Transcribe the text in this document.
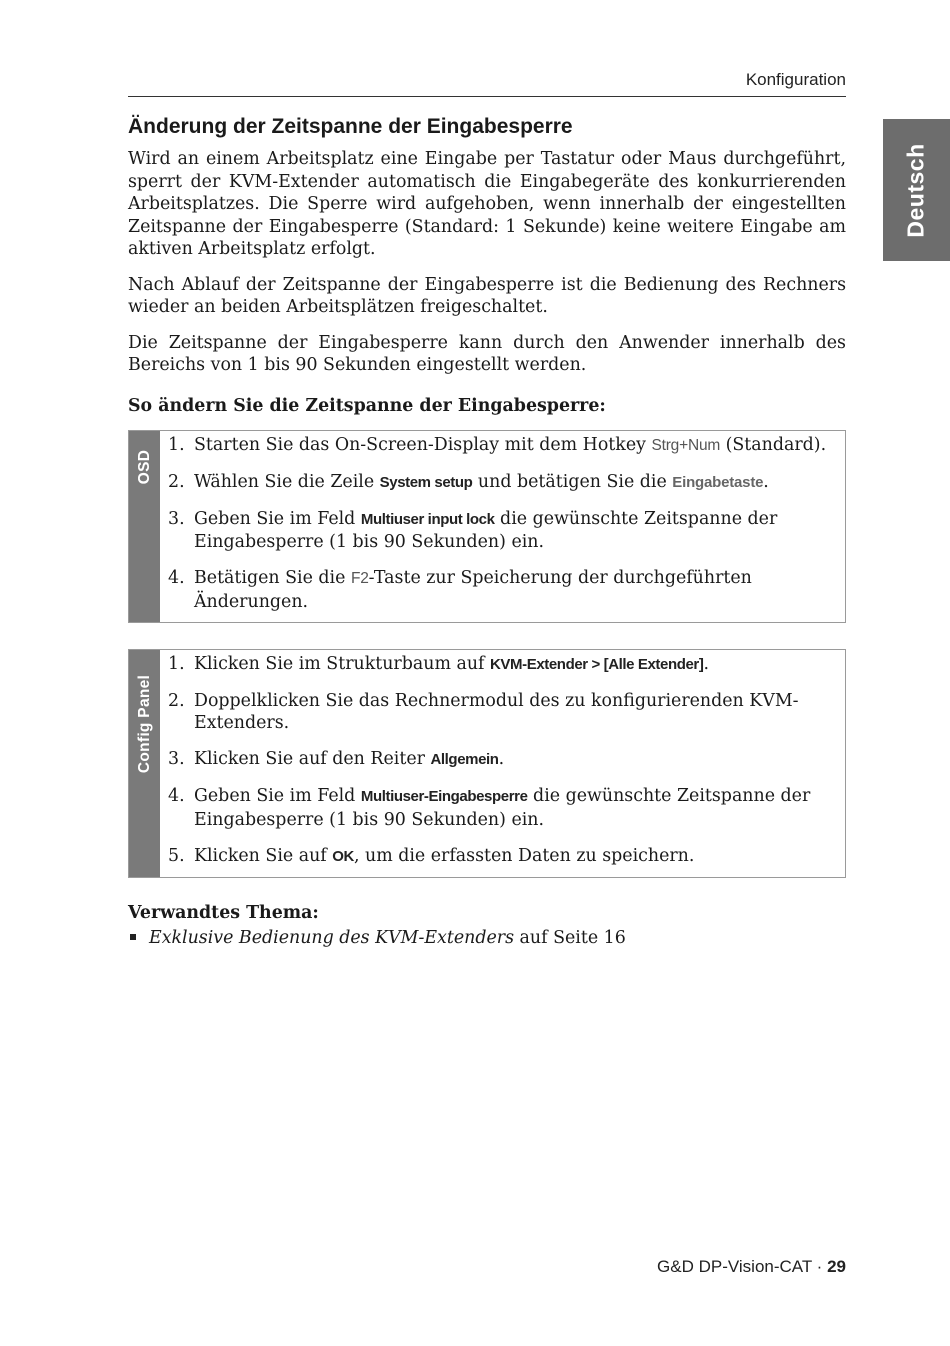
Konfiguration
Deutsch
Änderung der Zeitspanne der Eingabesperre

Wird an einem Arbeitsplatz eine Eingabe per Tastatur oder Maus durchgeführt, sperrt der KVM-Extender automatisch die Eingabegeräte des konkurrierenden Arbeitsplatzes. Die Sperre wird aufgehoben, wenn innerhalb der eingestellten Zeitspanne der Eingabesperre (Standard: 1 Sekunde) keine weitere Eingabe am aktiven Arbeitsplatz erfolgt.

Nach Ablauf der Zeitspanne der Eingabesperre ist die Bedienung des Rechners wieder an beiden Arbeitsplätzen freigeschaltet.

Die Zeitspanne der Eingabesperre kann durch den Anwender innerhalb des Bereichs von 1 bis 90 Sekunden eingestellt werden.

So ändern Sie die Zeitspanne der Eingabesperre:
OSD
1. Starten Sie das On-Screen-Display mit dem Hotkey Strg+Num (Standard).
2. Wählen Sie die Zeile System setup und betätigen Sie die Eingabetaste.
3. Geben Sie im Feld Multiuser input lock die gewünschte Zeitspanne der Eingabesperre (1 bis 90 Sekunden) ein.
4. Betätigen Sie die F2-Taste zur Speicherung der durchgeführten Änderungen.
Config Panel
1. Klicken Sie im Strukturbaum auf KVM-Extender > [Alle Extender].
2. Doppelklicken Sie das Rechnermodul des zu konfigurierenden KVM-Extenders.
3. Klicken Sie auf den Reiter Allgemein.
4. Geben Sie im Feld Multiuser-Eingabesperre die gewünschte Zeitspanne der Eingabesperre (1 bis 90 Sekunden) ein.
5. Klicken Sie auf OK, um die erfassten Daten zu speichern.
Verwandtes Thema:
Exklusive Bedienung des KVM-Extenders auf Seite 16
G&D DP-Vision-CAT · 29
